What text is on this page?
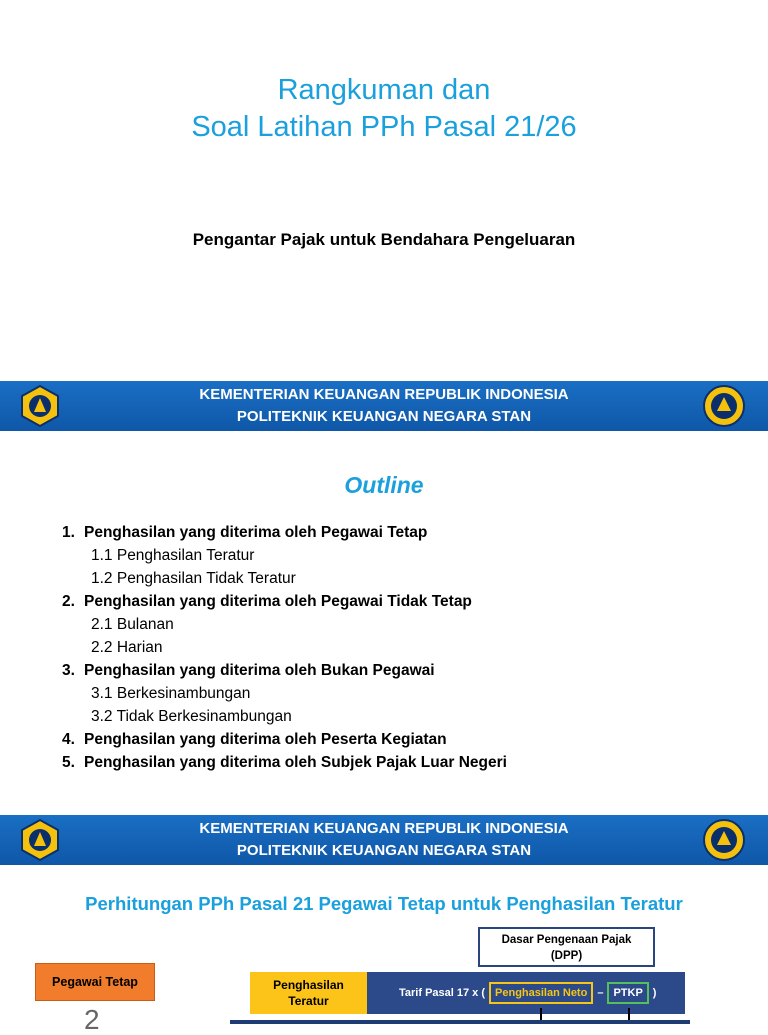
Rangkuman dan
Soal Latihan PPh Pasal 21/26
Pengantar Pajak untuk Bendahara Pengeluaran
KEMENTERIAN KEUANGAN REPUBLIK INDONESIA
POLITEKNIK KEUANGAN NEGARA STAN
Outline
1. Penghasilan yang diterima oleh Pegawai Tetap
1.1 Penghasilan Teratur
1.2 Penghasilan Tidak Teratur
2. Penghasilan yang diterima oleh Pegawai Tidak Tetap
2.1 Bulanan
2.2 Harian
3. Penghasilan yang diterima oleh Bukan Pegawai
3.1 Berkesinambungan
3.2 Tidak Berkesinambungan
4. Penghasilan yang diterima oleh Peserta Kegiatan
5. Penghasilan yang diterima oleh Subjek Pajak Luar Negeri
KEMENTERIAN KEUANGAN REPUBLIK INDONESIA
POLITEKNIK KEUANGAN NEGARA STAN
Perhitungan PPh Pasal 21 Pegawai Tetap untuk Penghasilan Teratur
Dasar Pengenaan Pajak
(DPP)
Pegawai Tetap	Penghasilan
Teratur
Tarif Pasal 17 x ( Penghasilan Neto – PTKP )
2
